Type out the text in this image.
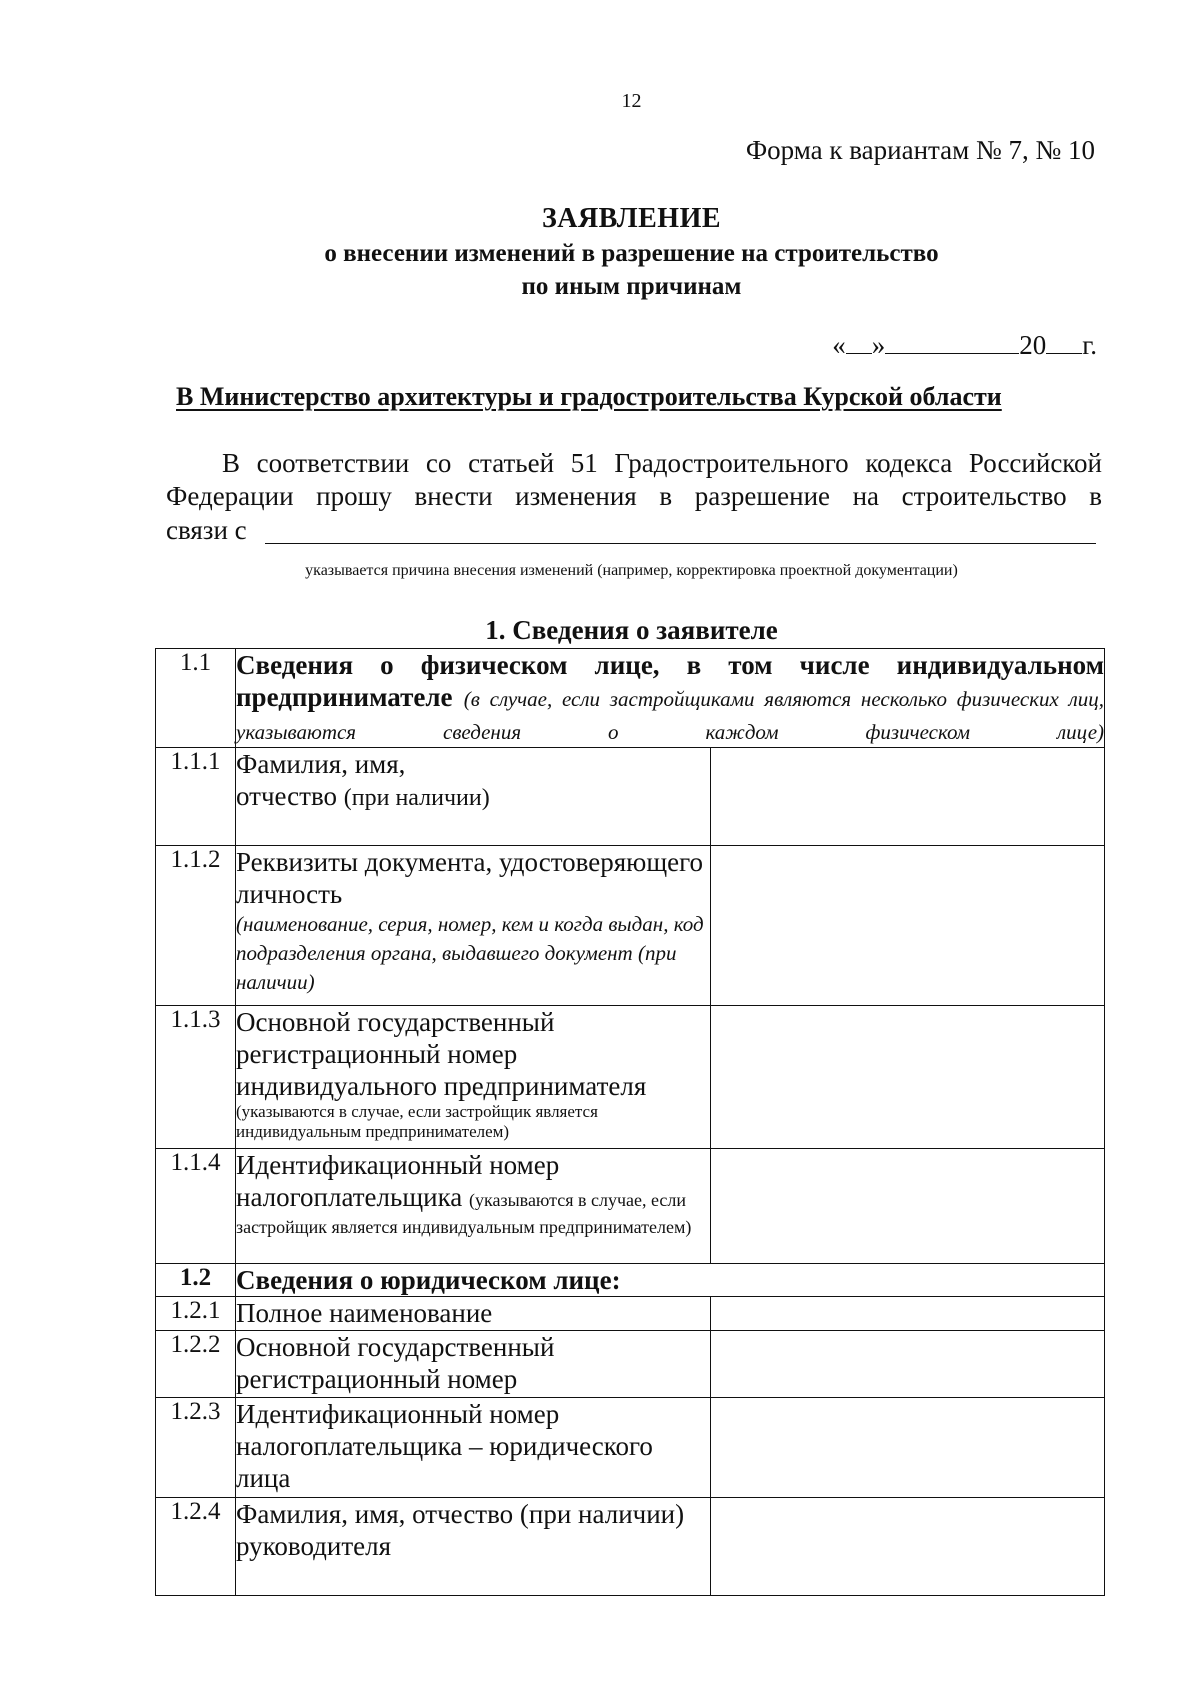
12
Форма к вариантам № 7, № 10
ЗАЯВЛЕНИЕ
о внесении изменений в разрешение на строительство
по иным причинам
« »	20 г.
В Министерство архитектуры и градостроительства Курской области
В соответствии со статьей 51 Градостроительного кодекса Российской
Федерации прошу внести изменения в разрешение на строительство в
связи с
указывается причина внесения изменений (например, корректировка проектной документации)
1. Сведения о заявителе
1.1	Сведения о физическом лице, в том числе индивидуальном предпринимателе (в случае, если застройщиками являются несколько физических лиц, указываются сведения о каждом физическом лице)	

1.1.1	Фамилия, имя,
отчество (при наличии)	

1.1.2	Реквизиты документа, удостоверяющего личность
(наименование, серия, номер, кем и когда выдан, код подразделения органа, выдавшего документ (при наличии)	

1.1.3	Основной государственный регистрационный номер индивидуального предпринимателя
(указываются в случае, если застройщик является индивидуальным предпринимателем)	

1.1.4	Идентификационный номер
налогоплательщика (указываются в случае, если застройщик является индивидуальным предпринимателем)	

1.2	Сведения о юридическом лице:	
1.2.1	Полное наименование	
1.2.2	Основной государственный регистрационный номер	
1.2.3	Идентификационный номер налогоплательщика – юридического лица	
1.2.4	Фамилия, имя, отчество (при наличии) руководителя	
